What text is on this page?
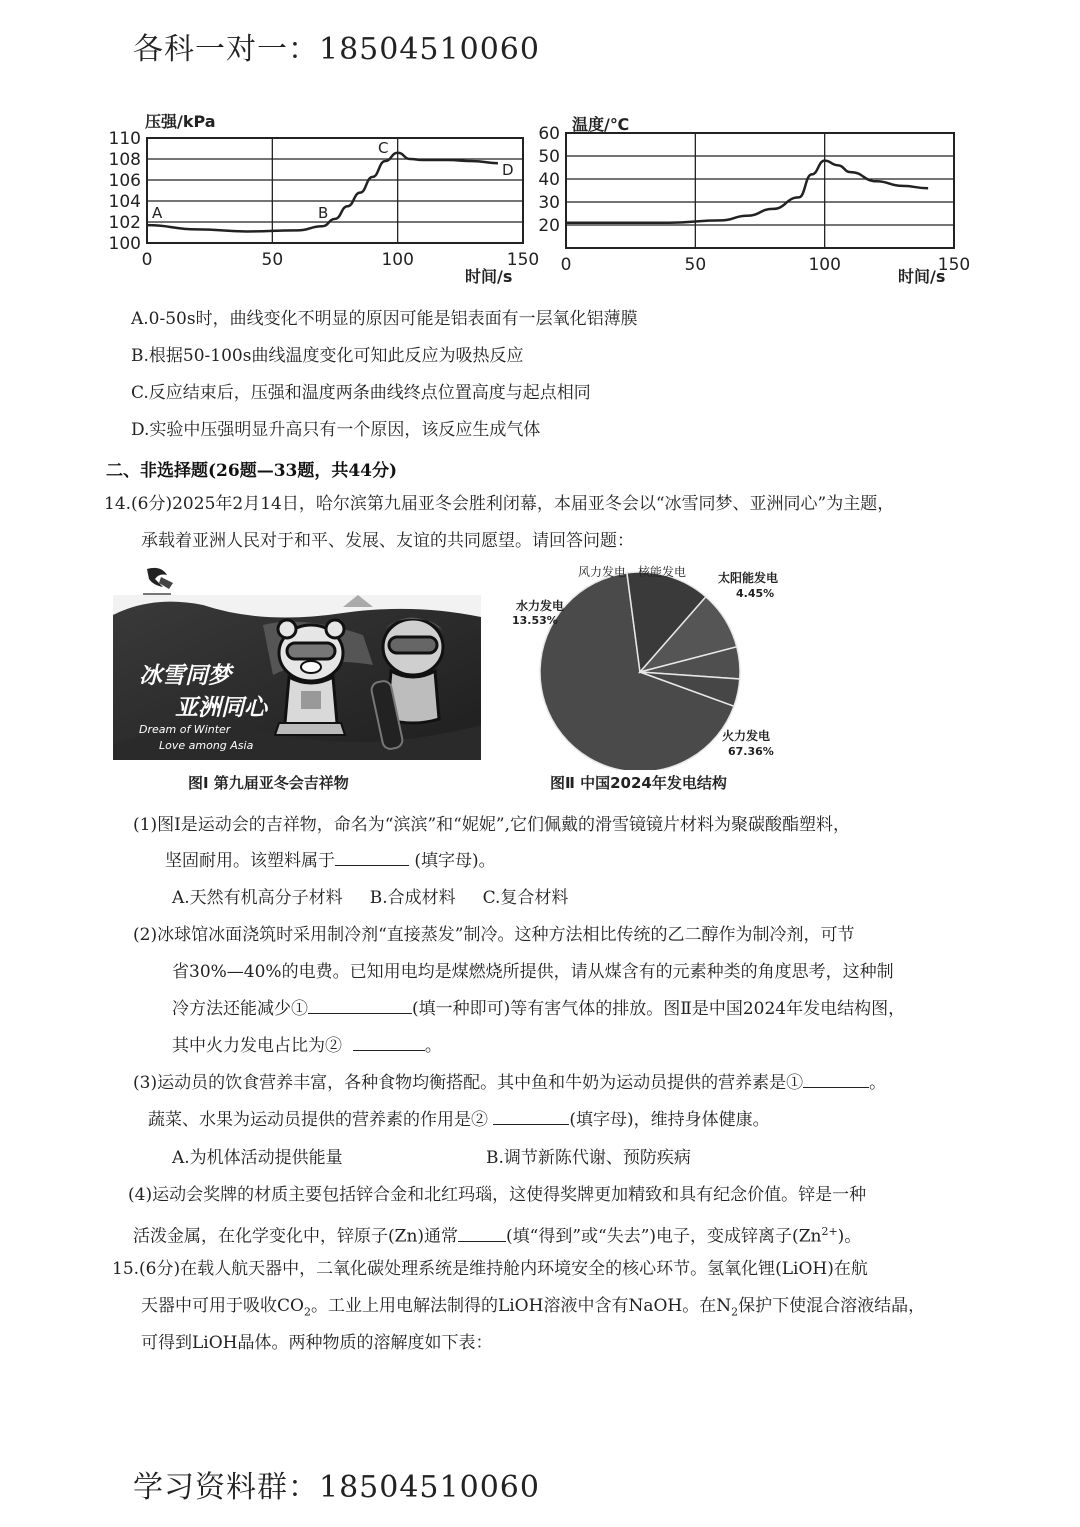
各科一对一：18504510060
压强/kPa
100
102
104
106
108
110
0	50	100	150
A	B
C
D
时间/s
温度/℃
20
30
40
50
60
0	50	100	150
时间/s
A.0-50s时，曲线变化不明显的原因可能是铝表面有一层氧化铝薄膜
B.根据50-100s曲线温度变化可知此反应为吸热反应
C.反应结束后，压强和温度两条曲线终点位置高度与起点相同
D.实验中压强明显升高只有一个原因，该反应生成气体
二、非选择题(26题—33题，共44分)
14.(6分)2025年2月14日，哈尔滨第九届亚冬会胜利闭幕，本届亚冬会以“冰雪同梦、亚洲同心”为主题，
承载着亚洲人民对于和平、发展、友谊的共同愿望。请回答问题：
冰雪同梦
亚洲同心
Dream of Winter
Love among Asia
图Ⅰ 第九届亚冬会吉祥物
风力发电 核能发电	太阳能发电
4.45%
水力发电
13.53%
火力发电
67.36%
图Ⅱ 中国2024年发电结构
(1)图Ⅰ是运动会的吉祥物，命名为“滨滨”和“妮妮”,它们佩戴的滑雪镜镜片材料为聚碳酸酯塑料，
坚固耐用。该塑料属于	(填字母)。
A.天然有机高分子材料     B.合成材料     C.复合材料
(2)冰球馆冰面浇筑时采用制冷剂“直接蒸发”制冷。这种方法相比传统的乙二醇作为制冷剂，可节
省30%—40%的电费。已知用电均是煤燃烧所提供，请从煤含有的元素种类的角度思考，这种制
冷方法还能减少①	(填一种即可)等有害气体的排放。图Ⅱ是中国2024年发电结构图，
其中火力发电占比为②	。
(3)运动员的饮食营养丰富，各种食物均衡搭配。其中鱼和牛奶为运动员提供的营养素是①	。
蔬菜、水果为运动员提供的营养素的作用是②	(填字母)，维持身体健康。
A.为机体活动提供能量	B.调节新陈代谢、预防疾病
(4)运动会奖牌的材质主要包括锌合金和北红玛瑙，这使得奖牌更加精致和具有纪念价值。锌是一种
活泼金属，在化学变化中，锌原子(Zn)通常	(填“得到”或“失去”)电子，变成锌离子$(Zn^{2+})$。
15.(6分)在载人航天器中，二氧化碳处理系统是维持舱内环境安全的核心环节。氢氧化锂(LiOH)在航
天器中可用于吸收$CO_2$。工业上用电解法制得的LiOH溶液中含有NaOH。在$N_2$保护下使混合溶液结晶，
可得到LiOH晶体。两种物质的溶解度如下表：
学习资料群：18504510060
